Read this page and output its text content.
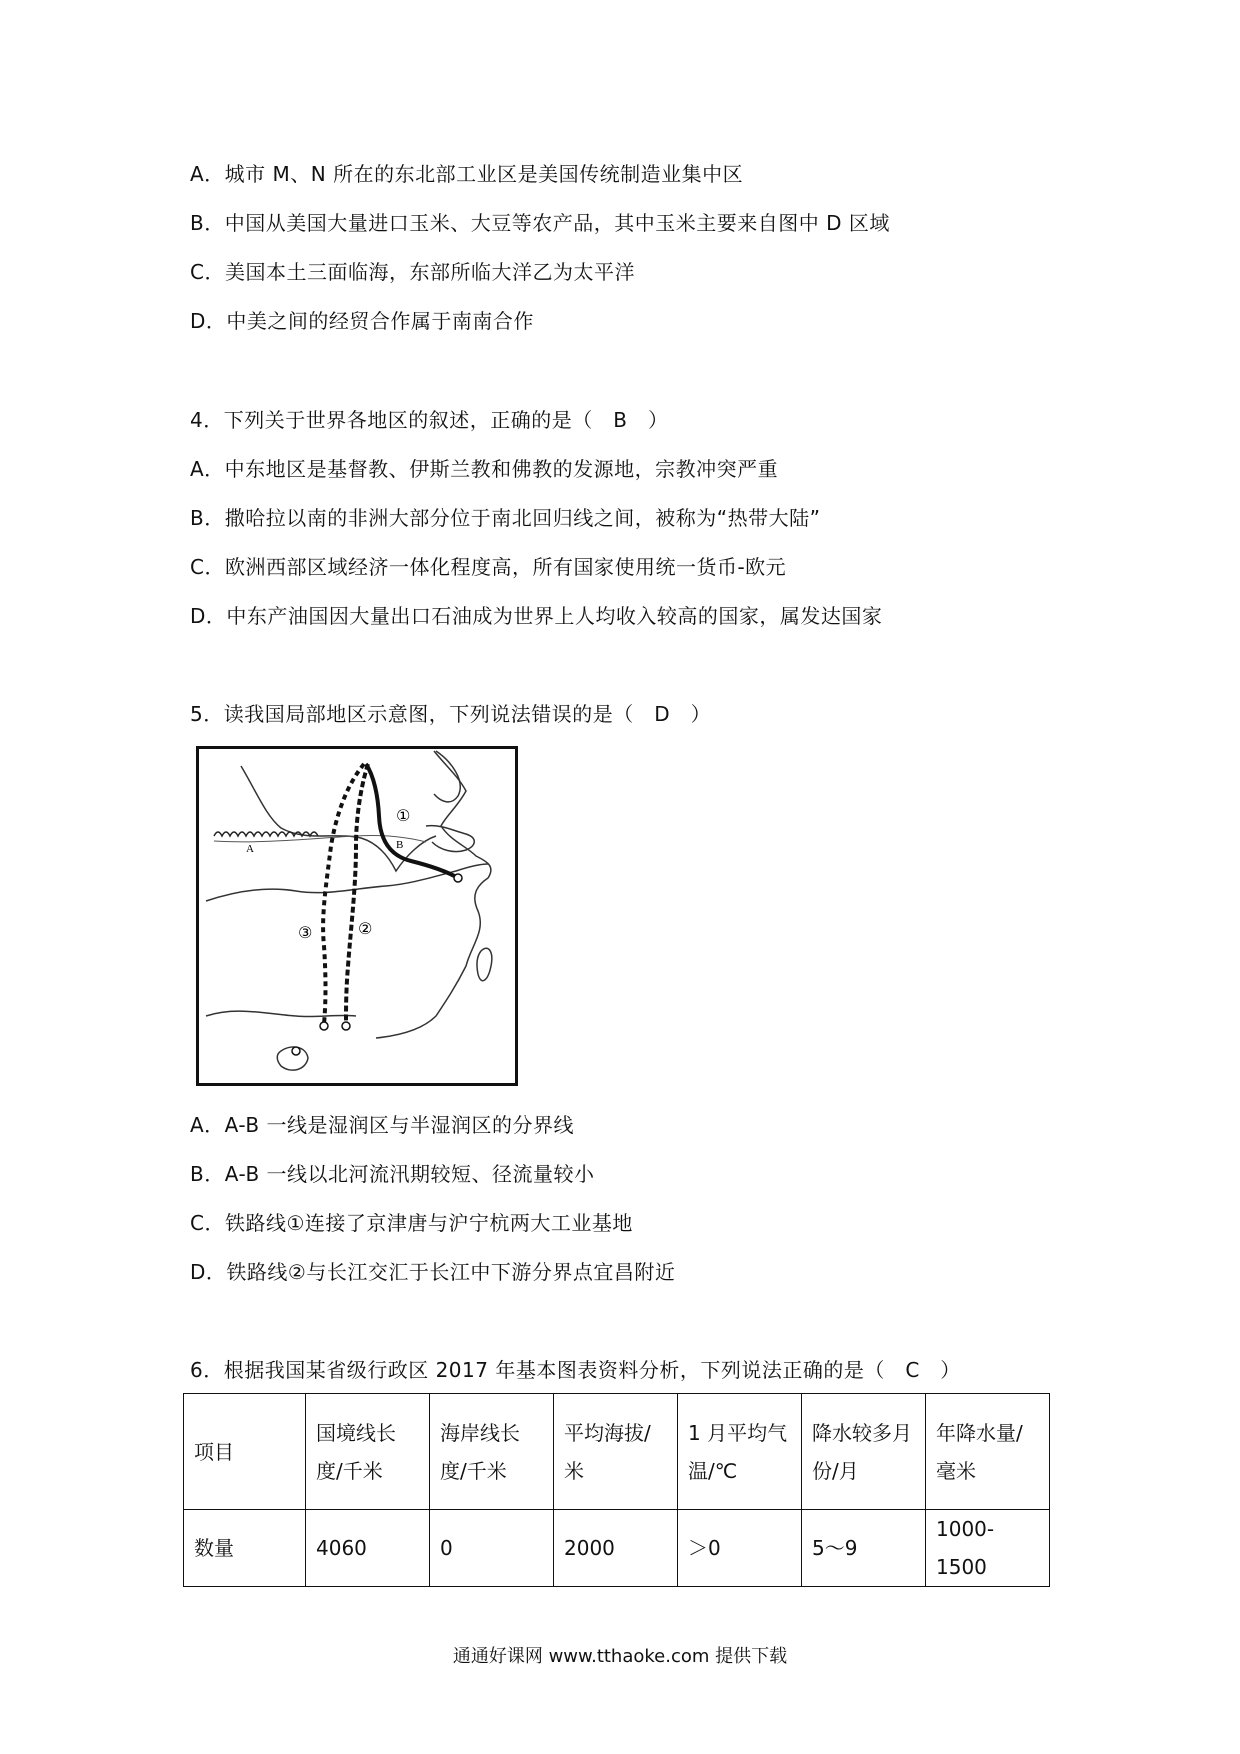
A．城市 M、N 所在的东北部工业区是美国传统制造业集中区
B．中国从美国大量进口玉米、大豆等农产品，其中玉米主要来自图中 D 区域
C．美国本土三面临海，东部所临大洋乙为太平洋
D．中美之间的经贸合作属于南南合作
4．下列关于世界各地区的叙述，正确的是（　B　）
A．中东地区是基督教、伊斯兰教和佛教的发源地，宗教冲突严重
B．撒哈拉以南的非洲大部分位于南北回归线之间，被称为“热带大陆”
C．欧洲西部区域经济一体化程度高，所有国家使用统一货币-欧元
D．中东产油国因大量出口石油成为世界上人均收入较高的国家，属发达国家
5．读我国局部地区示意图，下列说法错误的是（　D　）
A	B
①
②
③
A．A-B 一线是湿润区与半湿润区的分界线
B．A-B 一线以北河流汛期较短、径流量较小
C．铁路线①连接了京津唐与沪宁杭两大工业基地
D．铁路线②与长江交汇于长江中下游分界点宜昌附近
6．根据我国某省级行政区 2017 年基本图表资料分析，下列说法正确的是（　C　）
项目	国境线长度/千米	海岸线长度/千米	平均海拔/米	1 月平均气温/℃	降水较多月份/月	年降水量/毫米
数量	4060	0	2000	＞0	5～9	1000-1500
通通好课网 www.tthaoke.com 提供下载
